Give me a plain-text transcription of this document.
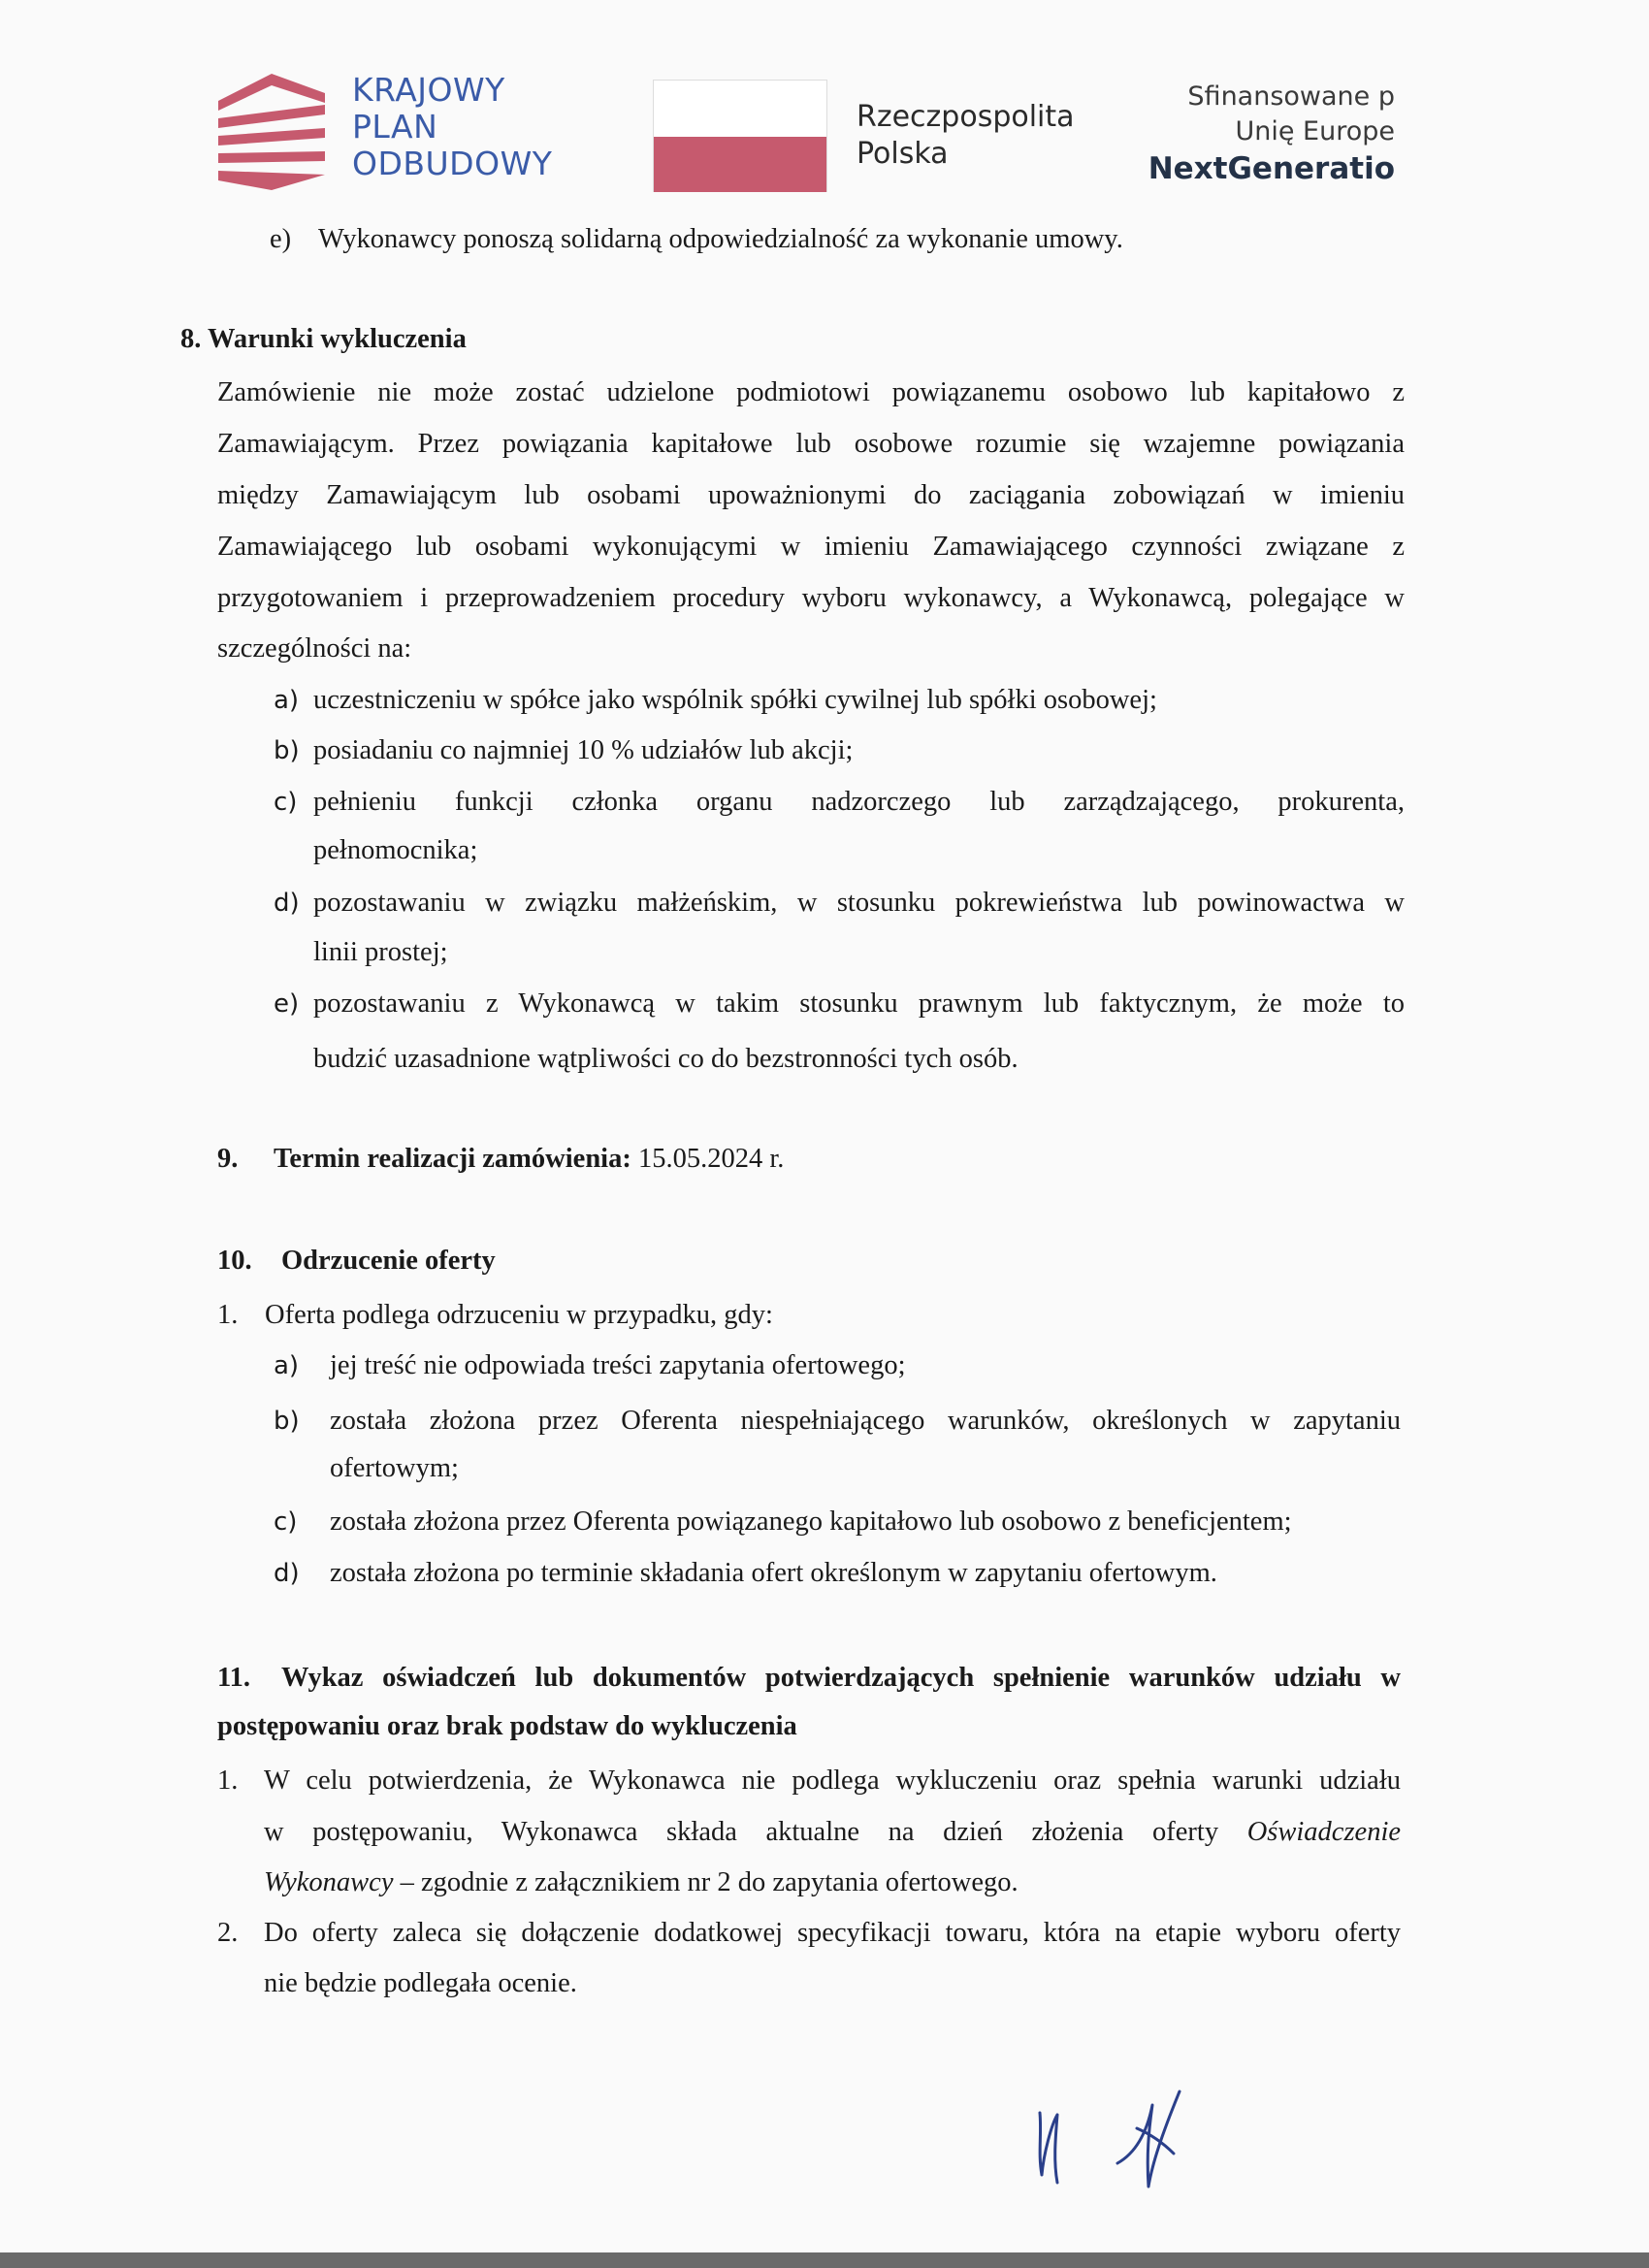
KRAJOWY
PLAN
ODBUDOWY
Rzeczpospolita
Polska
Sfinansowane p
Unię Europe
NextGeneratio
e) Wykonawcy ponoszą solidarną odpowiedzialność za wykonanie umowy.
8. Warunki wykluczenia
Zamówienie nie może zostać udzielone podmiotowi powiązanemu osobowo lub kapitałowo z
Zamawiającym. Przez powiązania kapitałowe lub osobowe rozumie się wzajemne powiązania
między Zamawiającym lub osobami upoważnionymi do zaciągania zobowiązań w imieniu
Zamawiającego lub osobami wykonującymi w imieniu Zamawiającego czynności związane z
przygotowaniem i przeprowadzeniem procedury wyboru wykonawcy, a Wykonawcą, polegające w
szczególności na:
a) uczestniczeniu w spółce jako wspólnik spółki cywilnej lub spółki osobowej;
b) posiadaniu co najmniej 10 % udziałów lub akcji;
c) pełnieniu funkcji członka organu nadzorczego lub zarządzającego, prokurenta,
pełnomocnika;
d) pozostawaniu w związku małżeńskim, w stosunku pokrewieństwa lub powinowactwa w
linii prostej;
e) pozostawaniu z Wykonawcą w takim stosunku prawnym lub faktycznym, że może to
budzić uzasadnione wątpliwości co do bezstronności tych osób.
9. Termin realizacji zamówienia: 15.05.2024 r.
10. Odrzucenie oferty
1. Oferta podlega odrzuceniu w przypadku, gdy:
a) jej treść nie odpowiada treści zapytania ofertowego;
b) została złożona przez Oferenta niespełniającego warunków, określonych w zapytaniu
ofertowym;
c) została złożona przez Oferenta powiązanego kapitałowo lub osobowo z beneficjentem;
d) została złożona po terminie składania ofert określonym w zapytaniu ofertowym.
11. Wykaz oświadczeń lub dokumentów potwierdzających spełnienie warunków udziału w
postępowaniu oraz brak podstaw do wykluczenia
1. W celu potwierdzenia, że Wykonawca nie podlega wykluczeniu oraz spełnia warunki udziału
w postępowaniu, Wykonawca składa aktualne na dzień złożenia oferty Oświadczenie
Wykonawcy – zgodnie z załącznikiem nr 2 do zapytania ofertowego.
2. Do oferty zaleca się dołączenie dodatkowej specyfikacji towaru, która na etapie wyboru oferty
nie będzie podlegała ocenie.
